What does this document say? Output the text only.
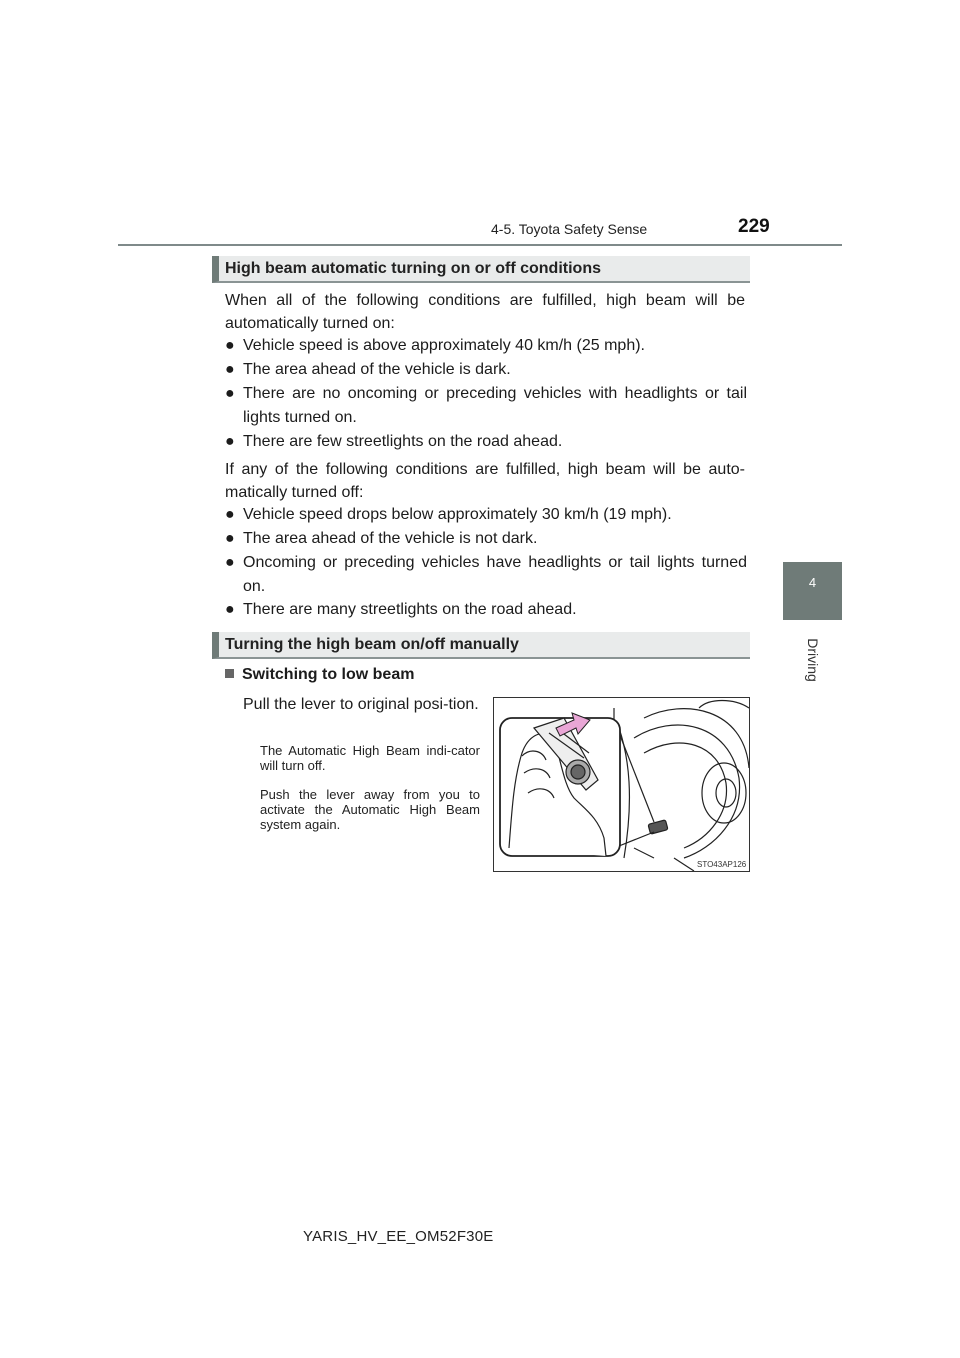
4-5. Toyota Safety Sense	229
4
Driving
High beam automatic turning on or off conditions
When all of the following conditions are fulfilled, high beam will be automatically turned on:
● Vehicle speed is above approximately 40 km/h (25 mph).
● The area ahead of the vehicle is dark.
● There are no oncoming or preceding vehicles with headlights or tail lights turned on.
● There are few streetlights on the road ahead.
If any of the following conditions are fulfilled, high beam will be auto-matically turned off:
● Vehicle speed drops below approximately 30 km/h (19 mph).
● The area ahead of the vehicle is not dark.
● Oncoming or preceding vehicles have headlights or tail lights turned on.
● There are many streetlights on the road ahead.
Turning the high beam on/off manually
Switching to low beam
Pull the lever to original posi-tion.
The Automatic High Beam indi-cator will turn off.
Push the lever away from you to activate the Automatic High Beam system again.
STO43AP126
YARIS_HV_EE_OM52F30E
